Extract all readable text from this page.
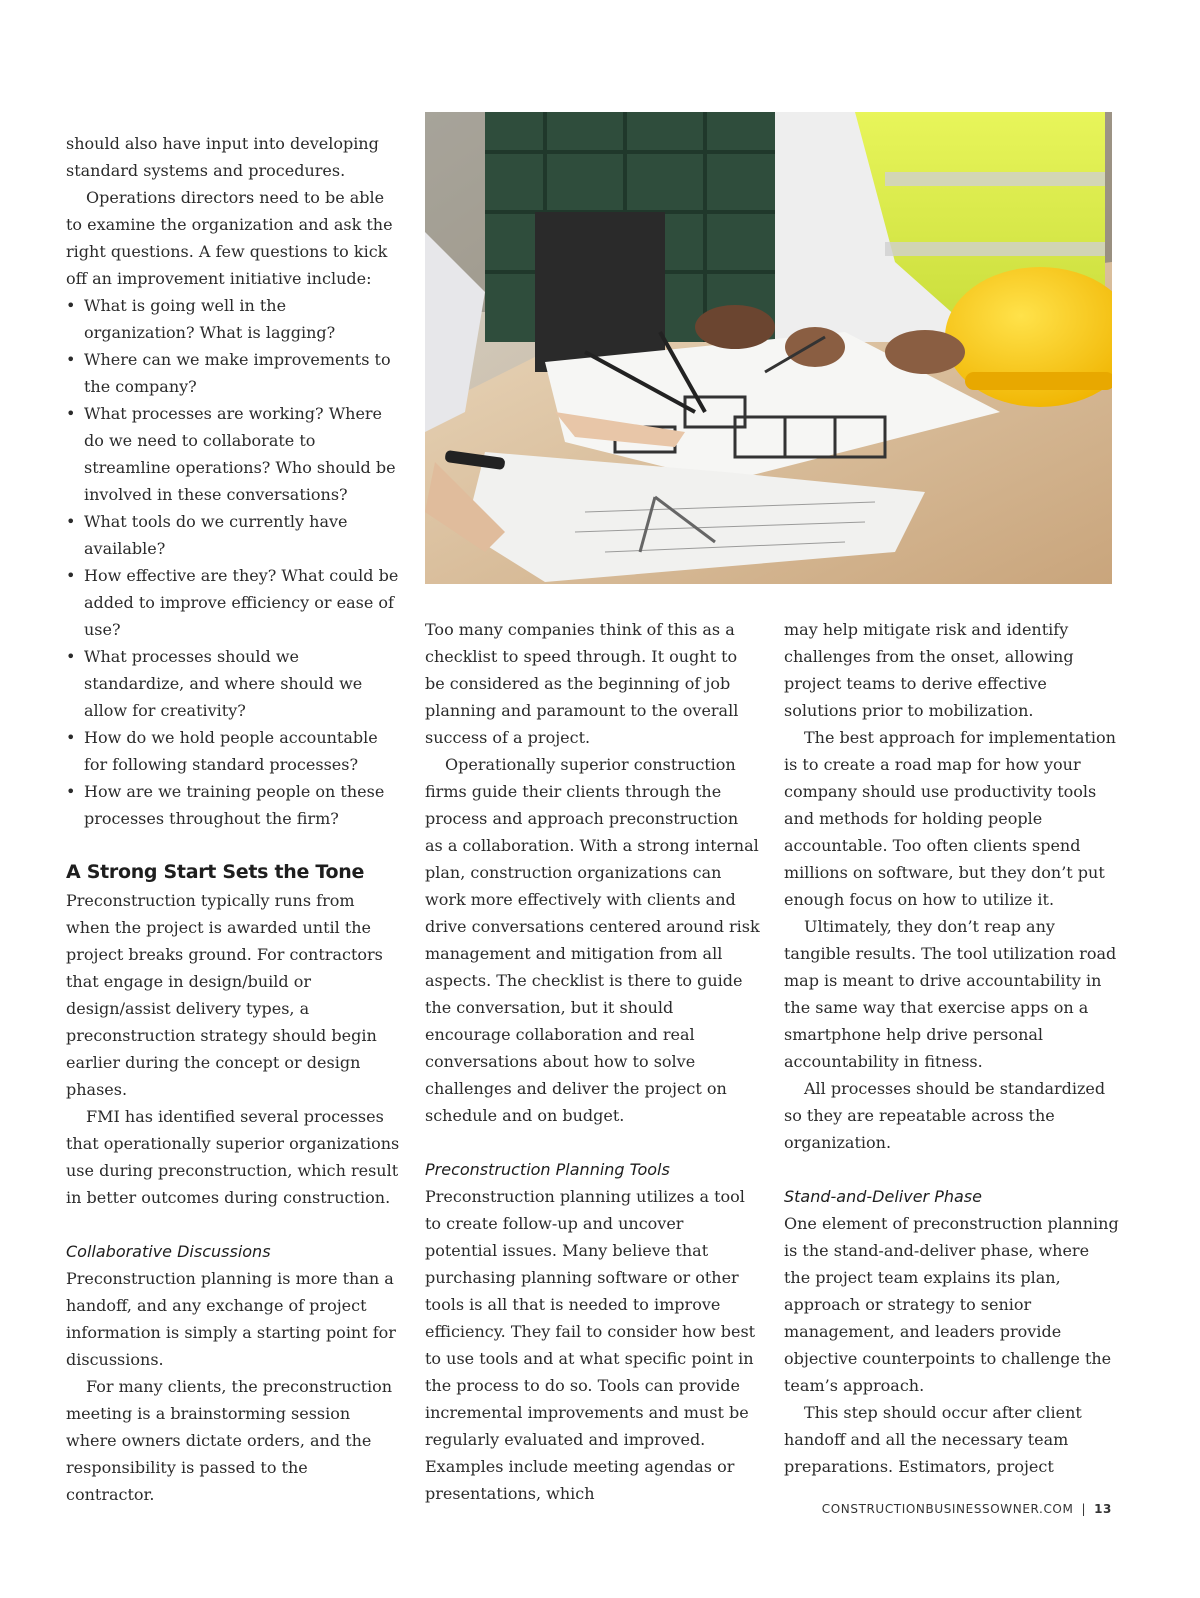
should also have input into developing standard systems and procedures.

Operations directors need to be able to examine the organization and ask the right questions. A few questions to kick off an improvement initiative include:

• What is going well in the organization? What is lagging?
• Where can we make improvements to the company?
• What processes are working? Where do we need to collaborate to streamline operations? Who should be involved in these conversations?
• What tools do we currently have available?
• How effective are they? What could be added to improve efficiency or ease of use?
• What processes should we standardize, and where should we allow for creativity?
• How do we hold people accountable for following standard processes?
• How are we training people on these processes throughout the firm?
A Strong Start Sets the Tone

Preconstruction typically runs from when the project is awarded until the project breaks ground. For contractors that engage in design/build or design/assist delivery types, a preconstruction strategy should begin earlier during the concept or design phases.

FMI has identified several processes that operationally superior organizations use during preconstruction, which result in better outcomes during construction.

Collaborative Discussions

Preconstruction planning is more than a handoff, and any exchange of project information is simply a starting point for discussions.

For many clients, the preconstruction meeting is a brainstorming session where owners dictate orders, and the responsibility is passed to the contractor.

Too many companies think of this as a checklist to speed through. It ought to be considered as the beginning of job planning and paramount to the overall success of a project.

Operationally superior construction firms guide their clients through the process and approach preconstruction as a collaboration. With a strong internal plan, construction organizations can work more effectively with clients and drive conversations centered around risk management and mitigation from all aspects. The checklist is there to guide the conversation, but it should encourage collaboration and real conversations about how to solve challenges and deliver the project on schedule and on budget.

Preconstruction Planning Tools

Preconstruction planning utilizes a tool to create follow-up and uncover potential issues. Many believe that purchasing planning software or other tools is all that is needed to improve efficiency. They fail to consider how best to use tools and at what specific point in the process to do so. Tools can provide incremental improvements and must be regularly evaluated and improved. Examples include meeting agendas or presentations, which

may help mitigate risk and identify challenges from the onset, allowing project teams to derive effective solutions prior to mobilization.

The best approach for implementation is to create a road map for how your company should use productivity tools and methods for holding people accountable. Too often clients spend millions on software, but they don’t put enough focus on how to utilize it.

Ultimately, they don’t reap any tangible results. The tool utilization road map is meant to drive accountability in the same way that exercise apps on a smartphone help drive personal accountability in fitness.

All processes should be standardized so they are repeatable across the organization.

Stand-and-Deliver Phase

One element of preconstruction planning is the stand-and-deliver phase, where the project team explains its plan, approach or strategy to senior management, and leaders provide objective counterpoints to challenge the team’s approach.

This step should occur after client handoff and all the necessary team preparations. Estimators, project

CONSTRUCTIONBUSINESSOWNER.COM | 13
